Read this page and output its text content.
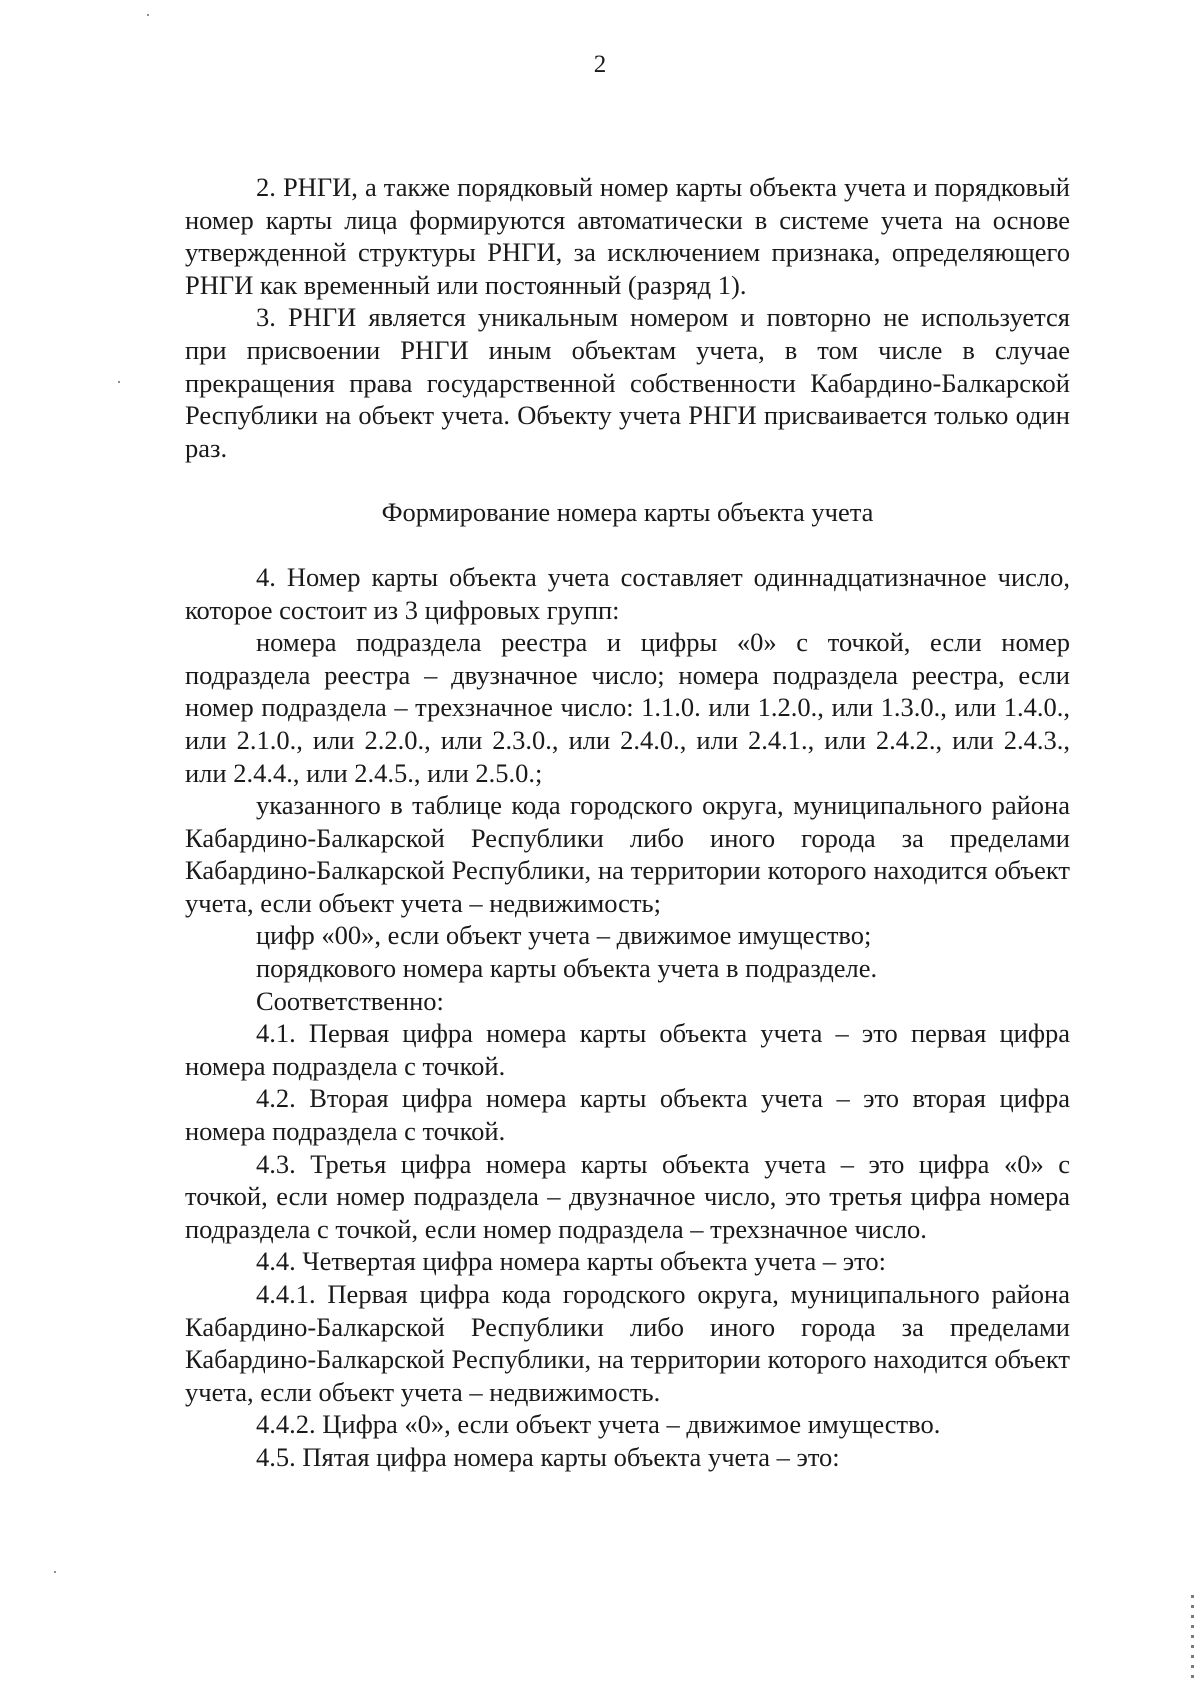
2

2. РНГИ, а также порядковый номер карты объекта учета и порядковый номер карты лица формируются автоматически в системе учета на основе утвержденной структуры РНГИ, за исключением признака, определяющего РНГИ как временный или постоянный (разряд 1).

3. РНГИ является уникальным номером и повторно не используется при присвоении РНГИ иным объектам учета, в том числе в случае прекращения права государственной собственности Кабардино-Балкарской Республики на объект учета. Объекту учета РНГИ присваивается только один раз.

Формирование номера карты объекта учета

4. Номер карты объекта учета составляет одиннадцатизначное число, которое состоит из 3 цифровых групп:

номера подраздела реестра и цифры «0» с точкой, если номер подраздела реестра – двузначное число; номера подраздела реестра, если номер подраздела – трехзначное число: 1.1.0. или 1.2.0., или 1.3.0., или 1.4.0., или 2.1.0., или 2.2.0., или 2.3.0., или 2.4.0., или 2.4.1., или 2.4.2., или 2.4.3., или 2.4.4., или 2.4.5., или 2.5.0.;

указанного в таблице кода городского округа, муниципального района Кабардино-Балкарской Республики либо иного города за пределами Кабардино-Балкарской Республики, на территории которого находится объект учета, если объект учета – недвижимость;

цифр «00», если объект учета – движимое имущество;

порядкового номера карты объекта учета в подразделе.

Соответственно:

4.1. Первая цифра номера карты объекта учета – это первая цифра номера подраздела с точкой.

4.2. Вторая цифра номера карты объекта учета – это вторая цифра номера подраздела с точкой.

4.3. Третья цифра номера карты объекта учета – это цифра «0» с точкой, если номер подраздела – двузначное число, это третья цифра номера подраздела с точкой, если номер подраздела – трехзначное число.

4.4. Четвертая цифра номера карты объекта учета – это:

4.4.1. Первая цифра кода городского округа, муниципального района Кабардино-Балкарской Республики либо иного города за пределами Кабардино-Балкарской Республики, на территории которого находится объект учета, если объект учета – недвижимость.

4.4.2. Цифра «0», если объект учета – движимое имущество.

4.5. Пятая цифра номера карты объекта учета – это:
